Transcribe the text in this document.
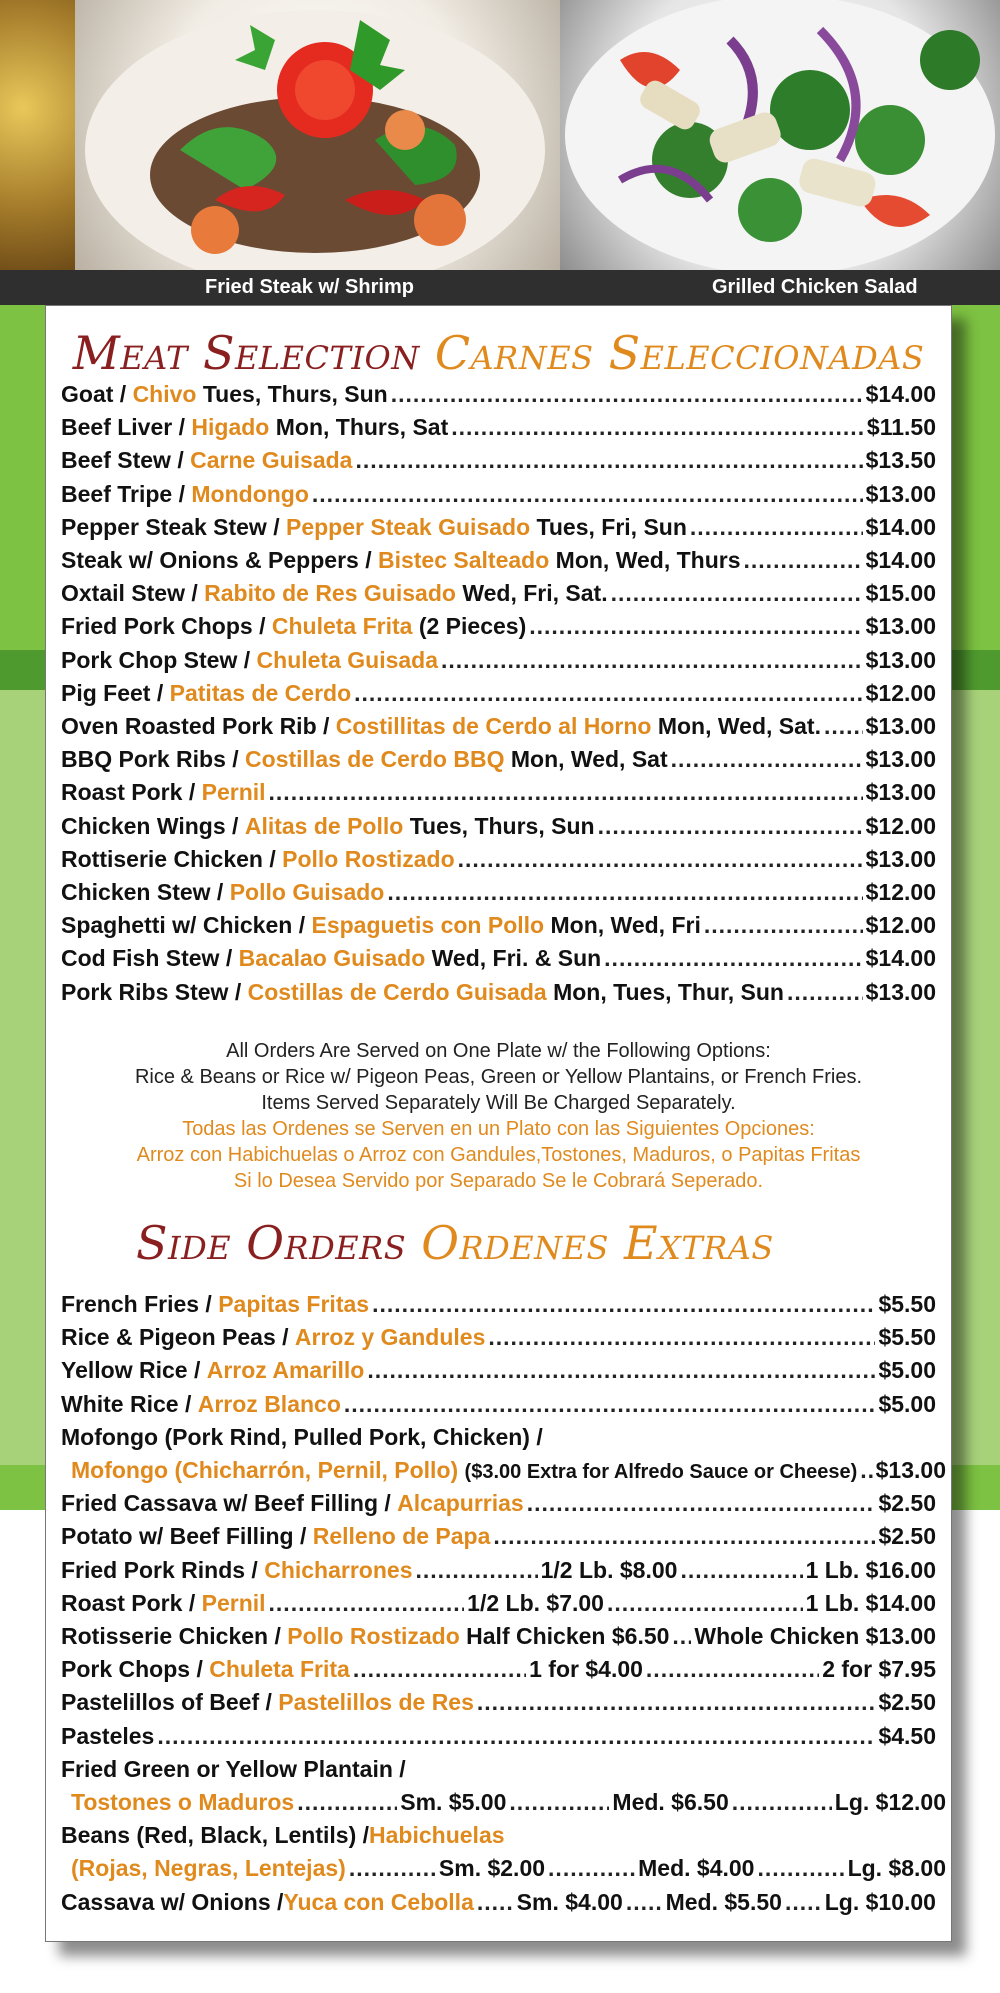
Fried Steak w/ Shrimp	Grilled Chicken Salad
Meat Selection Carnes Seleccionadas
Goat / Chivo
Tues, Thurs, Sun .....	$14.00
Beef Liver / Higado
Mon, Thurs, Sat .....	$11.50
Beef Stew / Carne Guisada .....	$13.50
Beef Tripe / Mondongo .....	$13.00
Pepper Steak Stew / Pepper Steak Guisado
Tues, Fri, Sun .....	$14.00
Steak w/ Onions & Peppers / Bistec Salteado
Mon, Wed, Thurs .....	$14.00
Oxtail Stew / Rabito de Res Guisado
Wed, Fri, Sat. .....	$15.00
Fried Pork Chops / Chuleta Frita
(2 Pieces) .....	$13.00
Pork Chop Stew / Chuleta Guisada .....	$13.00
Pig Feet / Patitas de Cerdo .....	$12.00
Oven Roasted Pork Rib / Costillitas de Cerdo al Horno
Mon, Wed, Sat. ..... $13.00
BBQ Pork Ribs / Costillas de Cerdo BBQ
Mon, Wed, Sat .....	$13.00
Roast Pork / Pernil .....	$13.00
Chicken Wings / Alitas de Pollo
Tues, Thurs, Sun .....	$12.00
Rottiserie Chicken / Pollo Rostizado .....	$13.00
Chicken Stew / Pollo Guisado .....	$12.00
Spaghetti w/ Chicken / Espaguetis con Pollo
Mon, Wed, Fri .....	$12.00
Cod Fish Stew / Bacalao Guisado
Wed, Fri. & Sun .....	$14.00
Pork Ribs Stew / Costillas de Cerdo Guisada
Mon, Tues, Thur, Sun .....	$13.00
All Orders Are Served on One Plate w/ the Following Options:
Rice & Beans or Rice w/ Pigeon Peas, Green or Yellow Plantains, or French Fries.
Items Served Separately Will Be Charged Separately.
Todas las Ordenes se Serven en un Plato con las Siguientes Opciones:
Arroz con Habichuelas o Arroz con Gandules,Tostones, Maduros, o Papitas Fritas
Si lo Desea Servido por Separado Se le Cobrará Seperado.
Side Orders Ordenes Extras
French Fries / Papitas Fritas .....	$5.50
Rice & Pigeon Peas / Arroz y Gandules .....	$5.50
Yellow Rice / Arroz Amarillo .....	$5.00
White Rice / Arroz Blanco .....	$5.00
Mofongo (Pork Rind, Pulled Pork, Chicken) /
Mofongo (Chicharrón, Pernil, Pollo)
($3.00 Extra for Alfredo Sauce or Cheese) ..... $13.00
Fried Cassava w/ Beef Filling / Alcapurrias .....	$2.50
Potato w/ Beef Filling / Relleno de Papa .....	$2.50
Fried Pork Rinds / Chicharrones .....	1/2 Lb. $8.00 .....	1 Lb. $16.00
Roast Pork / Pernil .....	1/2 Lb. $7.00 .....	1 Lb. $14.00
Rotisserie Chicken / Pollo Rostizado
Half Chicken $6.50 ..... Whole Chicken $13.00
Pork Chops / Chuleta Frita .....	1 for $4.00 .....	2 for $7.95
Pastelillos of Beef / Pastelillos de Res .....	$2.50
Pasteles .....	$4.50
Fried Green or Yellow Plantain /
Tostones o Maduros .....	Sm. $5.00 .....	Med. $6.50 .....	Lg. $12.00
Beans (Red, Black, Lentils) / Habichuelas
(Rojas, Negras, Lentejas) .....	Sm. $2.00 .....	Med. $4.00 .....	Lg. $8.00
Cassava w/ Onions / Yuca con Cebolla ..... Sm. $4.00 ..... Med. $5.50 ..... Lg. $10.00
